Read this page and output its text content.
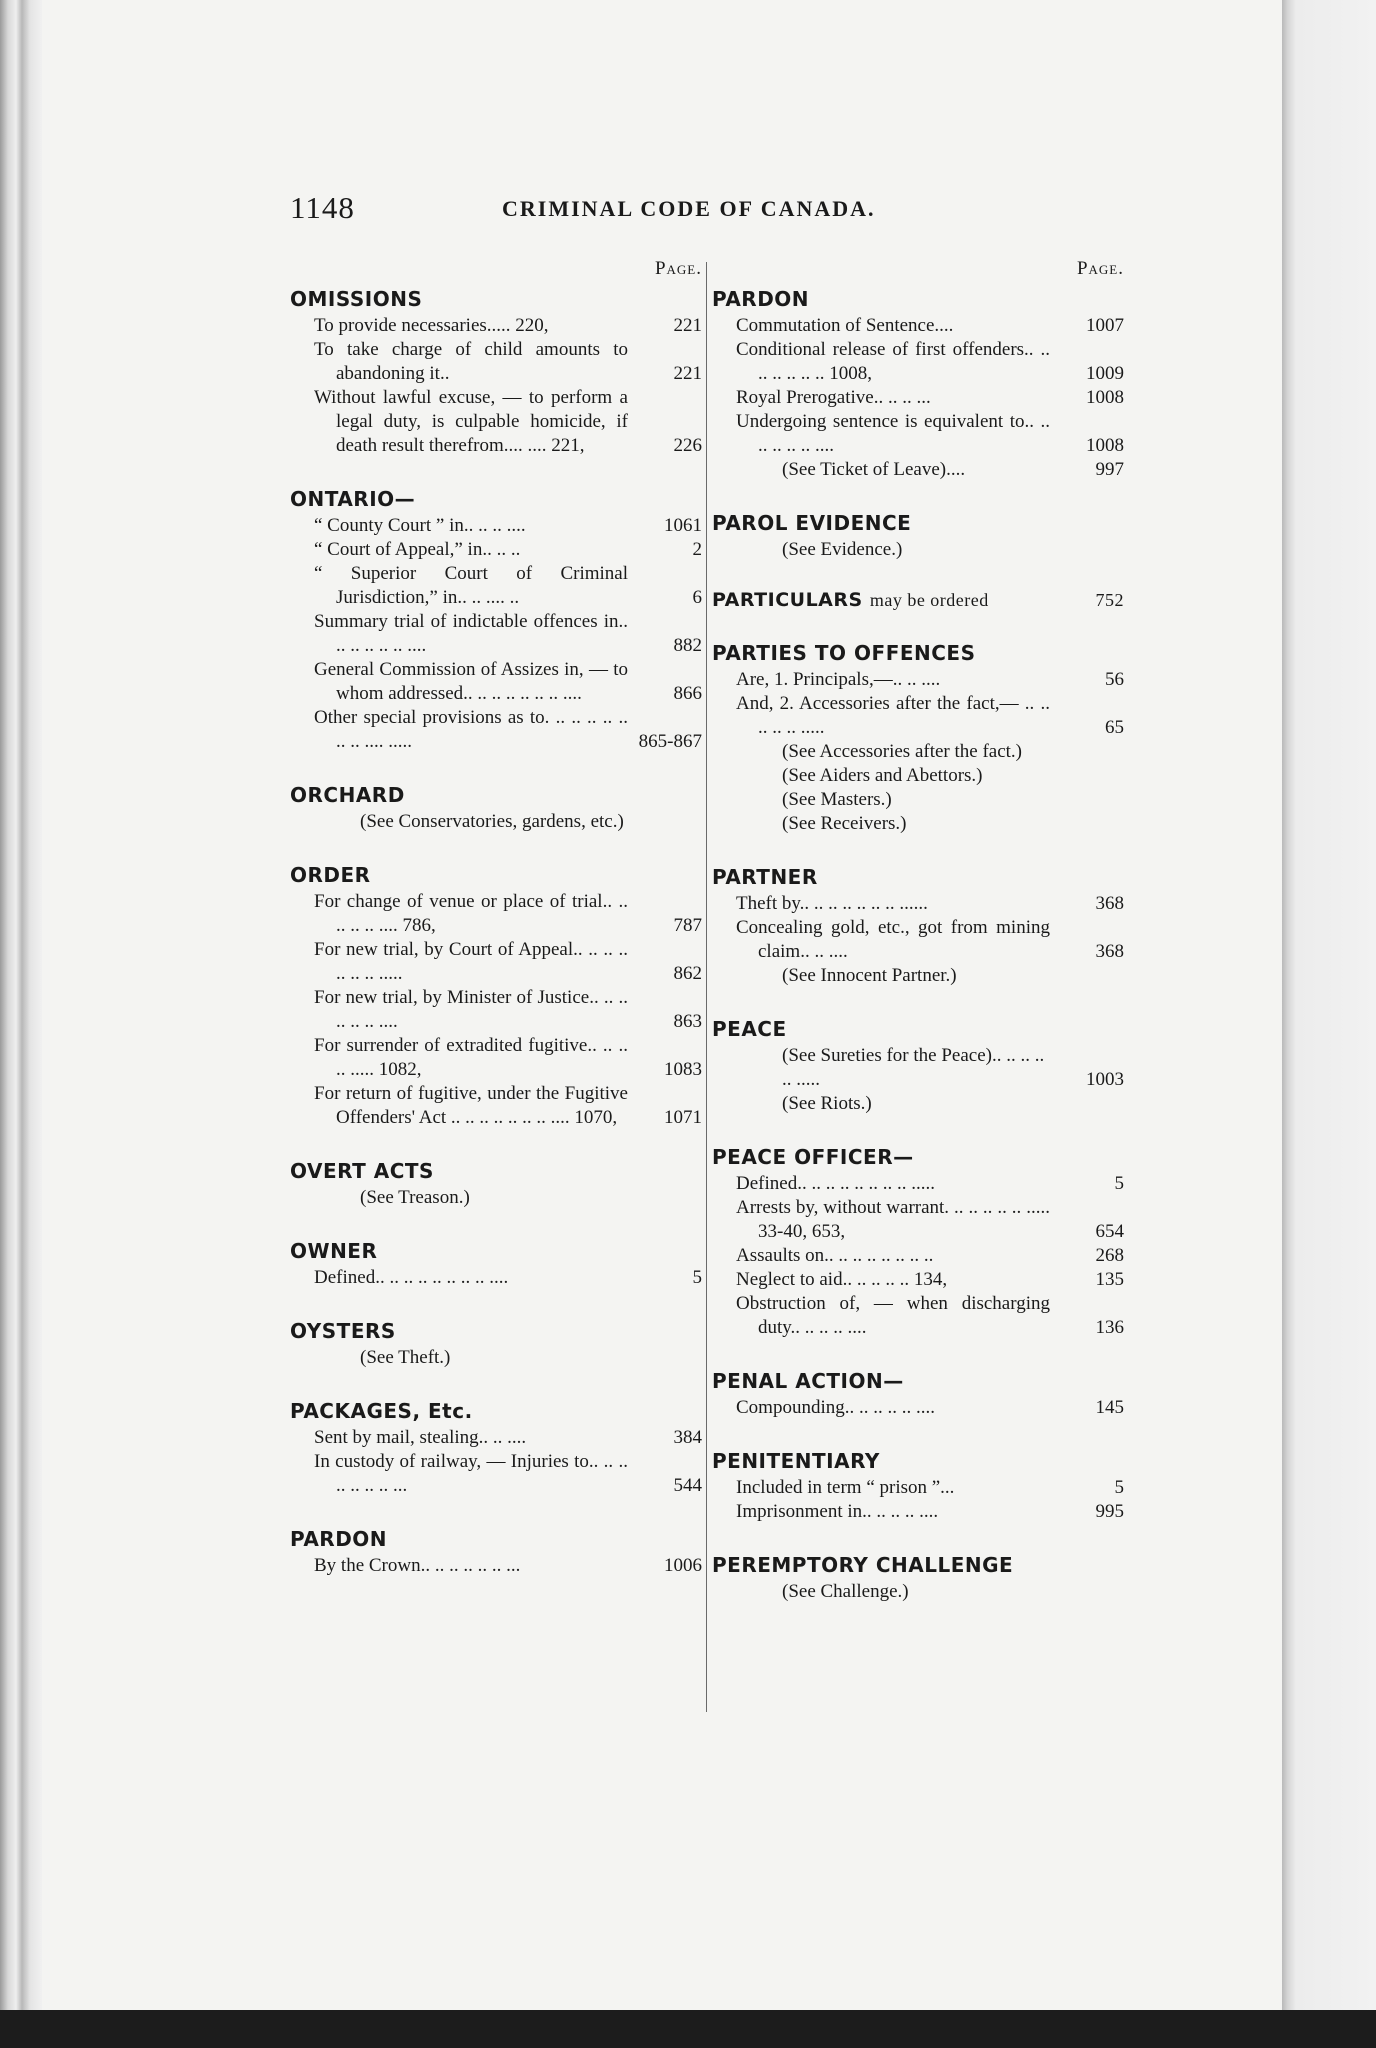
1148	CRIMINAL CODE OF CANADA.
Page.
OMISSIONS
To provide necessaries..... 220,	221
To take charge of child amounts to abandoning it..	221
Without lawful excuse, — to perform a legal duty, is culpable homicide, if death result therefrom.... .... 221,	226
ONTARIO—
“ County Court ” in.. .. .. ....	1061
“ Court of Appeal,” in.. .. ..	2
“ Superior Court of Criminal Jurisdiction,” in.. .. .... ..	6
Summary trial of indictable offences in.. .. .. .. .. .. ....	882
General Commission of Assizes in, — to whom addressed.. .. .. .. .. .. .. ....	866
Other special provisions as to. .. .. .. .. .. .. .. .... .....	865-867
ORCHARD
(See Conservatories, gardens, etc.)
ORDER
For change of venue or place of trial.. .. .. .. .. .... 786,	787
For new trial, by Court of Appeal.. .. .. .. .. .. .. .....	862
For new trial, by Minister of Justice.. .. .. .. .. .. ....	863
For surrender of extradited fugitive.. .. .. .. ..... 1082,	1083
For return of fugitive, under the Fugitive Offenders' Act .. .. .. .. .. .. .. .... 1070,	1071
OVERT ACTS
(See Treason.)
OWNER
Defined.. .. .. .. .. .. .. .. ....	5
OYSTERS
(See Theft.)
PACKAGES, Etc.
Sent by mail, stealing.. .. ....	384
In custody of railway, — Injuries to.. .. .. .. .. .. .. ...	544
PARDON
By the Crown.. .. .. .. .. .. ...	1006
Page.
PARDON
Commutation of Sentence....	1007
Conditional release of first offenders.. .. .. .. .. .. .. 1008,	1009
Royal Prerogative.. .. .. ...	1008
Undergoing sentence is equivalent to.. .. .. .. .. .. ....	1008
(See Ticket of Leave)....	997
PAROL EVIDENCE
(See Evidence.)
PARTICULARS may be ordered	752
PARTIES TO OFFENCES
Are, 1. Principals,—.. .. ....	56
And, 2. Accessories after the fact,— .. .. .. .. .. .....	65
(See Accessories after the fact.)
(See Aiders and Abettors.)
(See Masters.)
(See Receivers.)
PARTNER
Theft by.. .. .. .. .. .. .. ......	368
Concealing gold, etc., got from mining claim.. .. ....	368
(See Innocent Partner.)
PEACE
(See Sureties for the Peace).. .. .. .. .. .....	1003
(See Riots.)
PEACE OFFICER—
Defined.. .. .. .. .. .. .. .. .....	5
Arrests by, without warrant. .. .. .. .. .. ..... 33-40, 653,	654
Assaults on.. .. .. .. .. .. .. ..	268
Neglect to aid.. .. .. .. .. 134,	135
Obstruction of, — when discharging duty.. .. .. .. ....	136
PENAL ACTION—
Compounding.. .. .. .. .. ....	145
PENITENTIARY
Included in term “ prison ”...	5
Imprisonment in.. .. .. .. ....	995
PEREMPTORY CHALLENGE
(See Challenge.)
